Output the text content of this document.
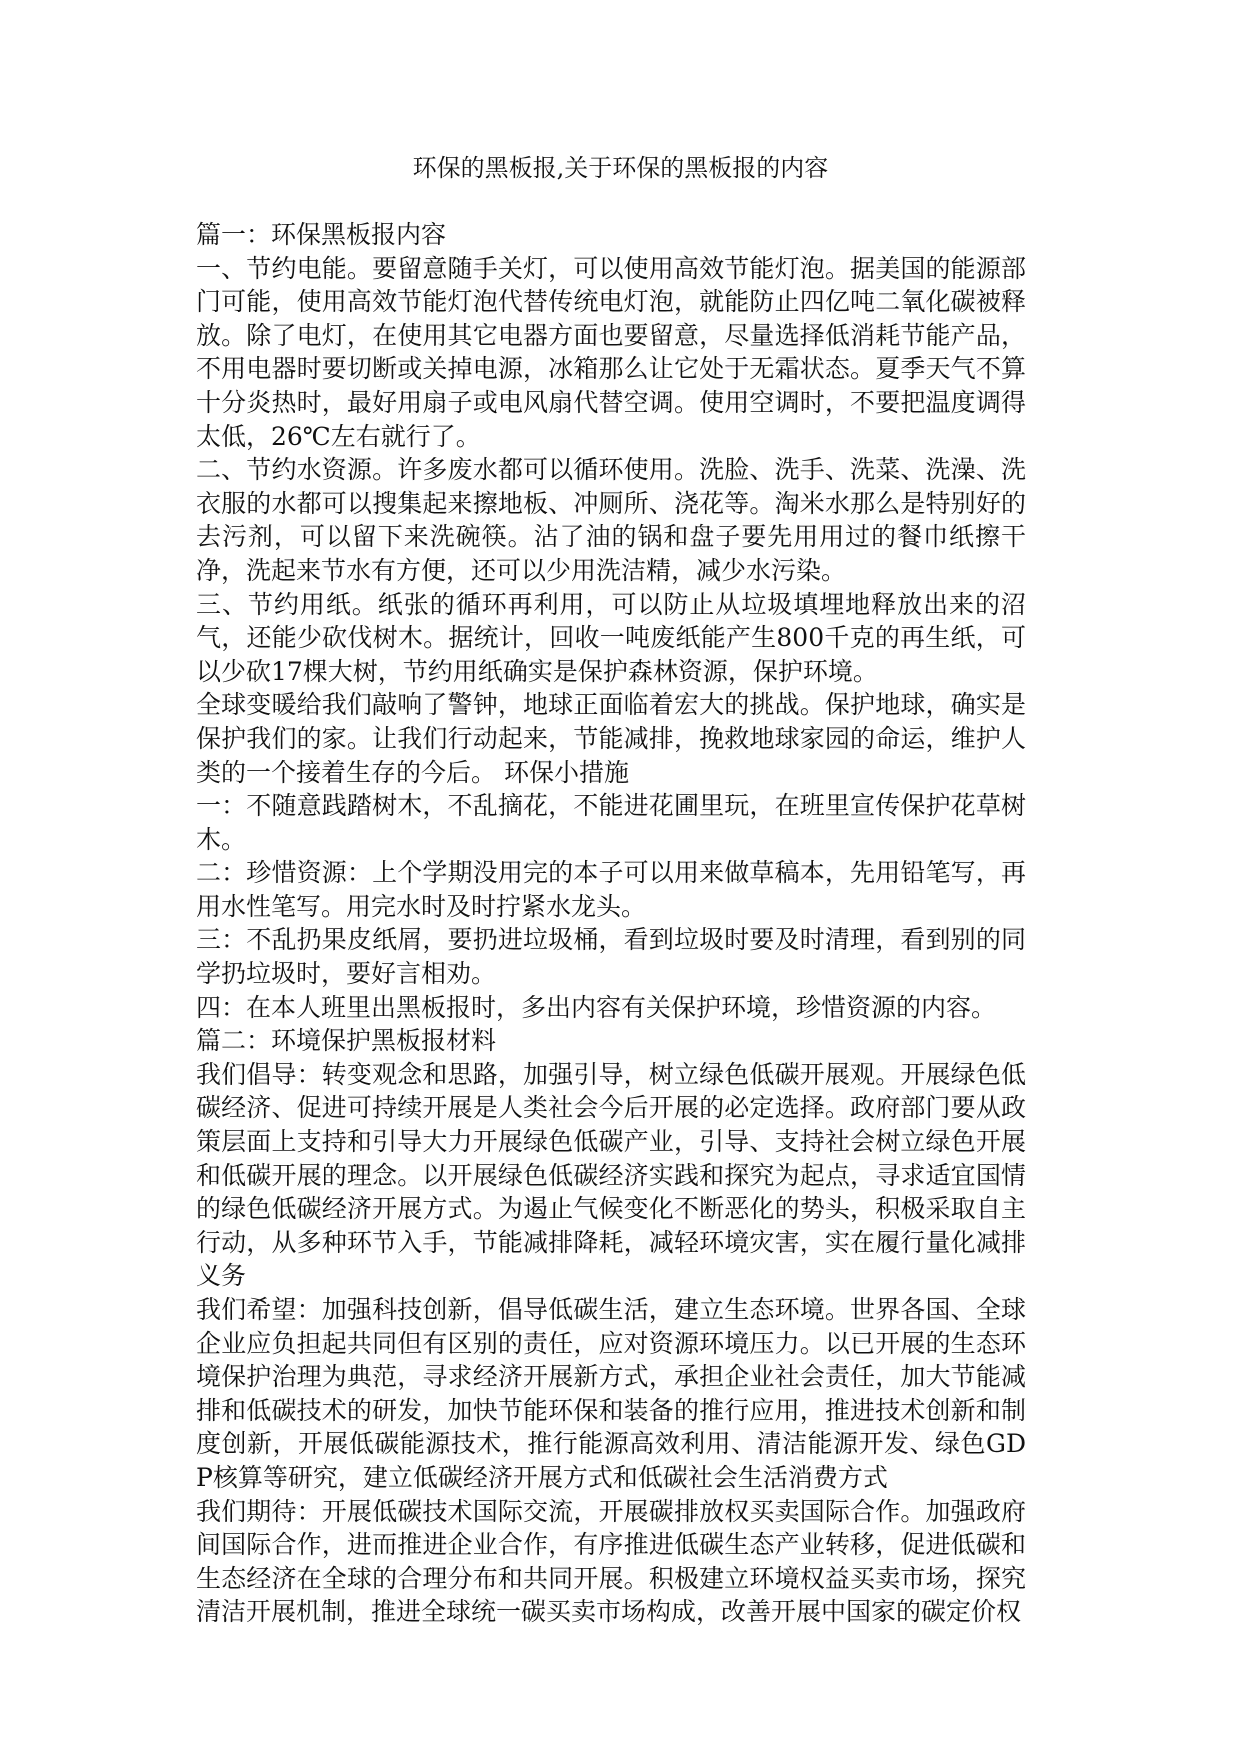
环保的黑板报,关于环保的黑板报的内容

篇一：环保黑板报内容

一、节约电能。要留意随手关灯，可以使用高效节能灯泡。据美国的能源部门可能，使用高效节能灯泡代替传统电灯泡，就能防止四亿吨二氧化碳被释放。除了电灯，在使用其它电器方面也要留意，尽量选择低消耗节能产品，不用电器时要切断或关掉电源，冰箱那么让它处于无霜状态。夏季天气不算十分炎热时，最好用扇子或电风扇代替空调。使用空调时，不要把温度调得太低，26℃左右就行了。

二、节约水资源。许多废水都可以循环使用。洗脸、洗手、洗菜、洗澡、洗衣服的水都可以搜集起来擦地板、冲厕所、浇花等。淘米水那么是特别好的去污剂，可以留下来洗碗筷。沾了油的锅和盘子要先用用过的餐巾纸擦干净，洗起来节水有方便，还可以少用洗洁精，减少水污染。

三、节约用纸。纸张的循环再利用，可以防止从垃圾填埋地释放出来的沼气，还能少砍伐树木。据统计，回收一吨废纸能产生800千克的再生纸，可以少砍17棵大树，节约用纸确实是保护森林资源，保护环境。

全球变暖给我们敲响了警钟，地球正面临着宏大的挑战。保护地球，确实是保护我们的家。让我们行动起来，节能减排，挽救地球家园的命运，维护人类的一个接着生存的今后。 环保小措施

一：不随意践踏树木，不乱摘花，不能进花圃里玩，在班里宣传保护花草树木。

二：珍惜资源：上个学期没用完的本子可以用来做草稿本，先用铅笔写，再用水性笔写。用完水时及时拧紧水龙头。

三：不乱扔果皮纸屑，要扔进垃圾桶，看到垃圾时要及时清理，看到别的同学扔垃圾时，要好言相劝。

四：在本人班里出黑板报时，多出内容有关保护环境，珍惜资源的内容。

篇二：环境保护黑板报材料

我们倡导：转变观念和思路，加强引导，树立绿色低碳开展观。开展绿色低碳经济、促进可持续开展是人类社会今后开展的必定选择。政府部门要从政策层面上支持和引导大力开展绿色低碳产业，引导、支持社会树立绿色开展和低碳开展的理念。以开展绿色低碳经济实践和探究为起点，寻求适宜国情的绿色低碳经济开展方式。为遏止气候变化不断恶化的势头，积极采取自主行动，从多种环节入手，节能减排降耗，减轻环境灾害，实在履行量化减排义务

我们希望：加强科技创新，倡导低碳生活，建立生态环境。世界各国、全球企业应负担起共同但有区别的责任，应对资源环境压力。以已开展的生态环境保护治理为典范，寻求经济开展新方式，承担企业社会责任，加大节能减排和低碳技术的研发，加快节能环保和装备的推行应用，推进技术创新和制度创新，开展低碳能源技术，推行能源高效利用、清洁能源开发、绿色GDP核算等研究，建立低碳经济开展方式和低碳社会生活消费方式

我们期待：开展低碳技术国际交流，开展碳排放权买卖国际合作。加强政府间国际合作，进而推进企业合作，有序推进低碳生态产业转移，促进低碳和生态经济在全球的合理分布和共同开展。积极建立环境权益买卖市场，探究清洁开展机制，推进全球统一碳买卖市场构成，改善开展中国家的碳定价权
